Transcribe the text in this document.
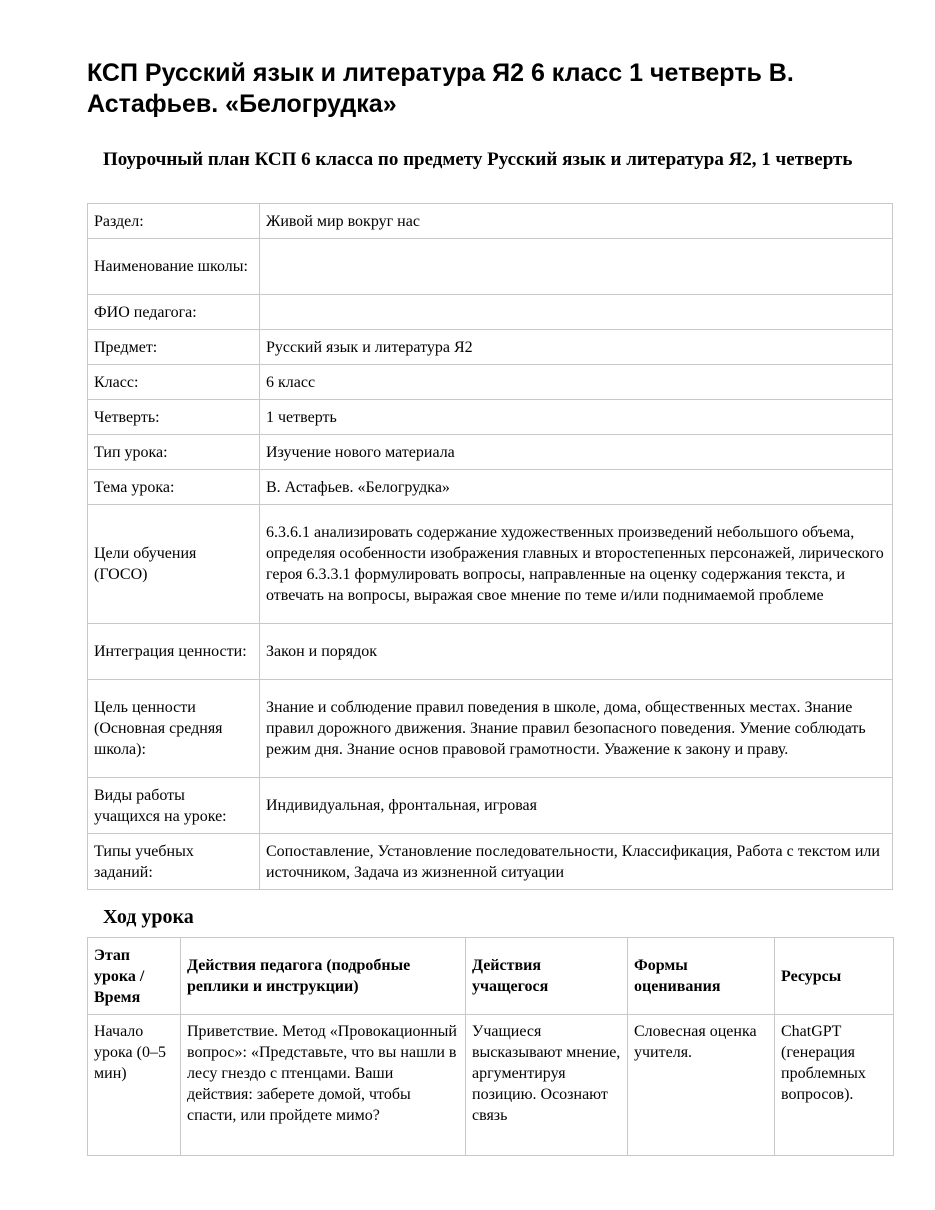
КСП Русский язык и литература Я2 6 класс 1 четверть В. Астафьев. «Белогрудка»
Поурочный план КСП 6 класса по предмету Русский язык и литература Я2, 1 четверть
Раздел:	Живой мир вокруг нас
Наименование школы:	
ФИО педагога:	
Предмет:	Русский язык и литература Я2
Класс:	6 класс
Четверть:	1 четверть
Тип урока:	Изучение нового материала
Тема урока:	В. Астафьев. «Белогрудка»
Цели обучения (ГОСО)	6.3.6.1 анализировать содержание художественных произведений небольшого объема, определяя особенности изображения главных и второстепенных персонажей, лирического героя 6.3.3.1 формулировать вопросы, направленные на оценку содержания текста, и отвечать на вопросы, выражая свое мнение по теме и/или поднимаемой проблеме
Интеграция ценности:	Закон и порядок
Цель ценности (Основная средняя школа):	Знание и соблюдение правил поведения в школе, дома, общественных местах. Знание правил дорожного движения. Знание правил безопасного поведения. Умение соблюдать режим дня. Знание основ правовой грамотности. Уважение к закону и праву.
Виды работы учащихся на уроке:	Индивидуальная, фронтальная, игровая
Типы учебных заданий:	Сопоставление, Установление последовательности, Классификация, Работа с текстом или источником, Задача из жизненной ситуации
Ход урока
Этап урока / Время	Действия педагога (подробные реплики и инструкции)	Действия учащегося	Формы оценивания	Ресурсы

Начало урока (0–5 мин)	Приветствие. Метод «Провокационный вопрос»: «Представьте, что вы нашли в лесу гнездо с птенцами. Ваши действия: заберете домой, чтобы спасти, или пройдете мимо?	Учащиеся высказывают мнение, аргументируя позицию. Осознают связь	Словесная оценка учителя.	ChatGPT (генерация проблемных вопросов).
